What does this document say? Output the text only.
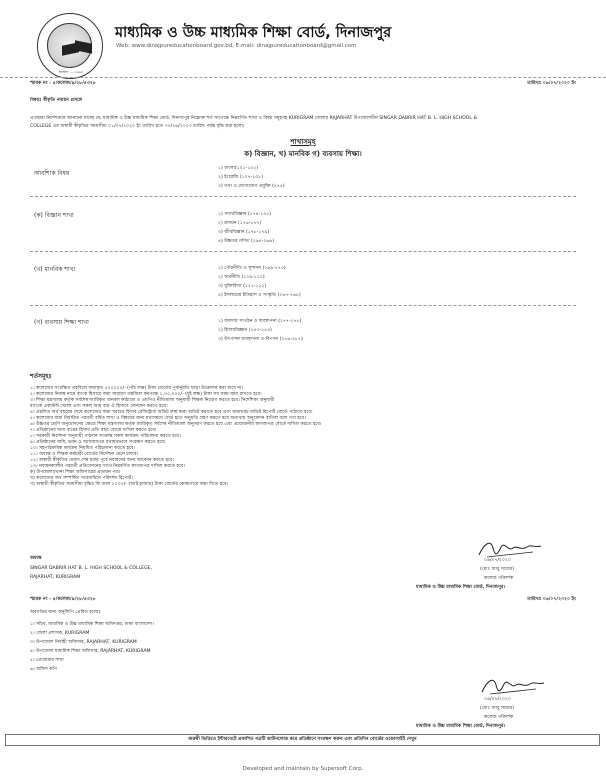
ইনসাফ ... ১৯৯৮
মাধ্যমিক ও উচ্চ মাধ্যমিক শিক্ষা বোর্ড, দিনাজপুর
Web: www.dinajpureducationboard.gov.bd, E-mail: dinajpureducationboard@gmail.com
স্মারক নং - ৫/কলেজ/৯/২৮/৫৩২৮	তারিখঃ ০৬/০৭/২০২০ ইং
বিষয়ঃ স্বীকৃতি নবায়ন প্রসঙ্গে
এতদ্বারা নির্দেশক্রমে জানানো যাচ্ছে যে, মাধ্যমিক ও উচ্চ মাধ্যমিক শিক্ষা বোর্ড, দিনাজপুর নিম্নোক্ত শর্ত সাপেক্ষে নিম্নবর্ণিত শাখা ও বিষয় সমূহসহ KURIGRAM জেলার RAJARHAT উপজেলাধীন SINGAR DABRIR HAT B. L. HIGH SCHOOL &
COLLEGE এর অস্থায়ী স্বীকৃতির সময়সীমা ০১/০৭/২০২০ ইং তারিখ হতে ৩০/০৬/২০২৩ তারিখ পর্যন্ত বৃদ্ধি করা হলো।
শাখাসমূহ
ক) বিজ্ঞান, খ) মানবিক গ) ব্যবসায় শিক্ষা।
আবশ্যিক বিষয়
১) বাংলা(১০১-১০২)
২) ইংরেজি (১০৭-১০৮)
৩) তথ্য ও যোগাযোগ প্রযুক্তি (২৭৫)
(ক) বিজ্ঞান শাখা	১) পদার্থবিজ্ঞান (১৭৪-১৭৫)
২) রসায়ন (১৭৬-১৭৭)
৩) জীববিজ্ঞান (১৭৮-১৭৯)
৪) উচ্চতর গণিত (২৬৫-২৬৬)
(খ) মানবিক শাখা	১) পৌরনীতি ও সুশাসন (২৬৯-২৭০)
২) অর্থনীতি (১০৯-১১০)
৩) যুক্তিবিদ্যা (১২১-১২২)
৪) ইসলামের ইতিহাস ও সংস্কৃতি (২৬৭-২৬৮)
(গ) ব্যবসায় শিক্ষা শাখা	১) ব্যবসায় সংগঠন ও ব্যবস্থাপনা (২৭৭-২৭৮)
২) হিসাববিজ্ঞান (২৫৩-২৫৪)
৩) উৎপাদন ব্যবস্থাপনা ও বিপণন (২৮৬-২৮৭)
শর্তসমূহঃ
১। কলেজের সংরক্ষিত তহবিলে জমাকৃত ৫০০০০০/- (পাঁচ লক্ষ) টাকা বোর্ডের পূর্বানুমতি ছাড়া উত্তোলন করা যাবে না।
২। কলেজের নিজস্ব নামে ব্যাংক হিসাবে জমা সাধারণ তহবিলে কমপক্ষে ২,০০,০০০/- (দুই লক্ষ) টাকা সব সময় জমা রাখতে হবে।
৩। শিক্ষা মন্ত্রণালয় কর্তৃক সর্বশেষ জারিকৃত জনবল কাঠামো ও এমপিও নীতিমালা অনুযায়ী শিক্ষক নিয়োগ করতে হবে। নির্দেশিকা অনুযায়ী
ব্যাংকে একাউন্ট খোলা এবং সকল আয় ব্যয় ঐ হিসাবে লেনদেন করতে হবে।
৪। প্রচলিত অর্থ বছরের শেষে কলেজের জমা খরচের হিসাব রেজিস্ট্রার্ড অডিট ফার্ম দ্বারা অডিট করাতে হবে এবং জমাখরচ অডিট রিপোর্ট বোর্ডে পাঠাতে হবে।
৫। কলেজের জমা নির্ধারিত পরবর্তী বর্ধিত শাখা ও বিষয়ের জন্য যথাসময়ে বোর্ড হতে অনুমতি গ্রহণ করতে হবে অন্যথায় অনুমোদন বাতিল বলে গণ্য হবে।
৬। উচ্চতর শ্রেণি অনুমোদনের ক্ষেত্রে শিক্ষা মন্ত্রণালয় কর্তৃক জারিকৃত সর্বশেষ নীতিমালা অনুসরণ করতে হবে এবং প্রয়োজনীয় কাগজপত্র বোর্ডে দাখিল করতে হবে।
৭। প্রতিষ্ঠানের আয় ব্যয়ের হিসাব প্রতি বছর বোর্ডে দাখিল করতে হবে।
৮। সরকারী নির্দেশনা অনুযায়ী পাঠদান সংক্রান্ত সকল কার্যক্রম পরিচালনা করতে হবে।
৯। প্রতিষ্ঠানের জমি, ভবন ও আসবাবপত্র যথাযথভাবে সংরক্ষণ করতে হবে।
১০। সহপাঠক্রমিক কার্যক্রম নিয়মিত পরিচালনা করতে হবে।
১১। অধ্যক্ষ ও শিক্ষক কর্মচারী বোর্ডের নির্দেশনা মেনে চলবে।
১২। অস্থায়ী স্বীকৃতির মেয়াদ শেষ হবার পূর্বে নবায়নের জন্য আবেদন করতে হবে।
১৩। নবায়নকালীন পরবর্তী প্রতিবেদনের সাথে নিম্নবর্ণিত কাগজপত্র দাখিল করতে হবে।
ক) উপজেলা/থানা শিক্ষা অফিসারের প্রত্যয়ন পত্র।
খ) কলেজের অর্থ সম্পর্কিত সরেজমিনে পরিদর্শন রিপোর্ট।
গ) অস্থায়ী স্বীকৃতির সময়সীমা বৃদ্ধির ফি বাবদ ৮০০০/- (আট হাজার) টাকা বোর্ডের কোষাগারে জমা দিতে হবে।
অধ্যক্ষ
SINGAR DABRIR HAT B. L. HIGH SCHOOL & COLLEGE,
RAJARHAT, KURIGRAM
০৬/০৭/২০২০
(মোঃ আবু সায়েম)
কলেজ পরিদর্শক
মাধ্যমিক ও উচ্চ মাধ্যমিক শিক্ষা বোর্ড, দিনাজপুর।
স্মারক নং - ৫/কলেজ/৯/২৮/৫৩২৮	তারিখঃ ০৬/০৭/২০২০ ইং
অবগতির জন্য অনুলিপি প্রেরিত হলোঃ
১। সচিব, মাধ্যমিক ও উচ্চ মাধ্যমিক শিক্ষা অধিদপ্তর, ঢাকা বাংলাদেশ।
২। জেলা প্রশাসক, KURIGRAM
৩। উপজেলা নির্বাহী অফিসার, RAJARHAT, KURIGRAM
৪। উপজেলা মাধ্যমিক শিক্ষা অফিসার, RAJARHAT, KURIGRAM
৫। প্রোগ্রামার শাখা
৬। অফিস কপি
০৬/০৭/২০২০
(মোঃ আবু সায়েম)
কলেজ পরিদর্শক
মাধ্যমিক ও উচ্চ মাধ্যমিক শিক্ষা বোর্ড, দিনাজপুর।
জরুরী ভিত্তিতে ইন্টারনেটে প্রকাশিত পত্রটি ডাউনলোড করে প্রতিষ্ঠানে সংরক্ষণ করুন এবং প্রতিদিন বোর্ডের ওয়েবসাইট দেখুন
Developed and maintain by Supersoft Corp.
